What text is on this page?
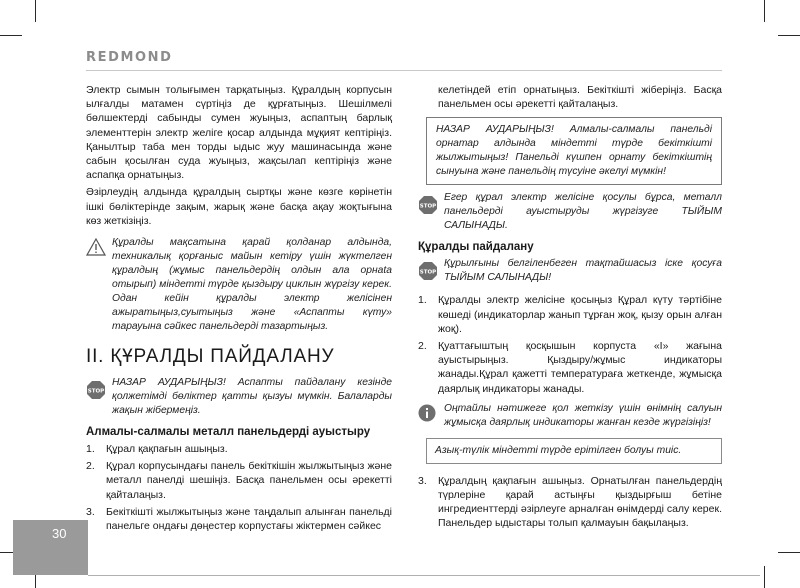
REDMOND

Электр сымын толығымен тарқатыңыз. Құралдың корпусын ылғалды матамен сүртіңіз де құрғатыңыз. Шешілмелі бөлшектерді сабынды сумен жуыңыз, аспаптың барлық элементтерін электр желіге қосар алдында мұқият кептіріңіз. Қанылтыр таба мен торды ыдыс жуу машинасында және сабын қосылған суда жуыңыз, жақсылап кептіріңіз және аспапқа орнатыңыз.

Әзірлеудің алдында құралдың сыртқы және көзге көрінетін ішкі бөліктерінде зақым, жарық және басқа ақау жоқтығына көз жеткізіңіз.

Құралды мақсатына қарай қолданар алдында, техникалық қорғаныс майын кетіру үшін жүктелген құралдың (жұмыс панельдердің олдын ала орнаta отырып) міндетті түрде қыздыру циклын жүргізу керек. Одан кейін құралды электр желісінен ажыратыңыз,суытыңыз және «Аспапты күту» тарауына сәйкес панельдерді тазартыңыз.

II. ҚҰРАЛДЫ ПАЙДАЛАНУ
STOP

НАЗАР АУДАРЫҢЫЗ! Аспапты пайдалану кезінде қолжетімді бөліктер қатты қызуы мүмкін. Балаларды жақын жібермеңіз.

Алмалы-салмалы металл панельдерді ауыстыру
1. Құрал қақпағын ашыңыз.
2. Құрал корпусындағы панель бекіткішін жылжытыңыз және металл панелді шешіңіз. Басқа панельмен осы әрекетті қайталаңыз.
3. Бекіткішті жылжытыңыз және таңдалып алынған панельді панельге ондағы дөңестер корпустағы жіктермен сәйкес

келетіндей етіп орнатыңыз. Бекіткішті жіберіңіз. Басқа панельмен осы әрекетті қайталаңыз.

НАЗАР АУДАРЫҢЫЗ! Алмалы-салмалы панельді орнатар алдында міндетті түрде бекіткішті жылжытыңыз! Панельді күшпен орнату бекіткіштің сынуына және панельдің түсуіне әкелуі мүмкін!

STOP

Егер құрал электр желісіне қосулы бұрса, металл панельдерді ауыстыруды жүргізуге ТЫЙЫМ САЛЫНАДЫ.

Құралды пайдалану
STOP

Құрылғыны белгіленбеген тақтайшасыз іске қосуға ТЫЙЫМ САЛЫНАДЫ!

1. Құралды электр желісіне қосыңыз Құрал күту тәртібіне көшеді (индикаторлар жанып тұрған жоқ, қызу орын алған жоқ).
2. Қуаттағыштың қосқышын корпуста «I» жағына ауыстырыңыз. Қыздыру/жұмыс индикаторы жанады.Құрал қажетті температураға жеткенде, жұмысқа даярлық индикаторы жанады.

Оңтайлы нәтижеге қол жеткізу үшін өнімнің салуын жұмысқа даярлық индикаторы жанған кезде жүргізіңіз!

Азық-түлік міндетті түрде ерітілген болуы тиіс.

3. Құралдың қақпағын ашыңыз. Орнатылған панельдердің түрлеріне қарай астыңғы қыздырғыш бетіне ингредиенттерді әзірлеуге арналған өнімдерді салу керек. Панельдер ыдыстары толып қалмауын бақылаңыз.
30
